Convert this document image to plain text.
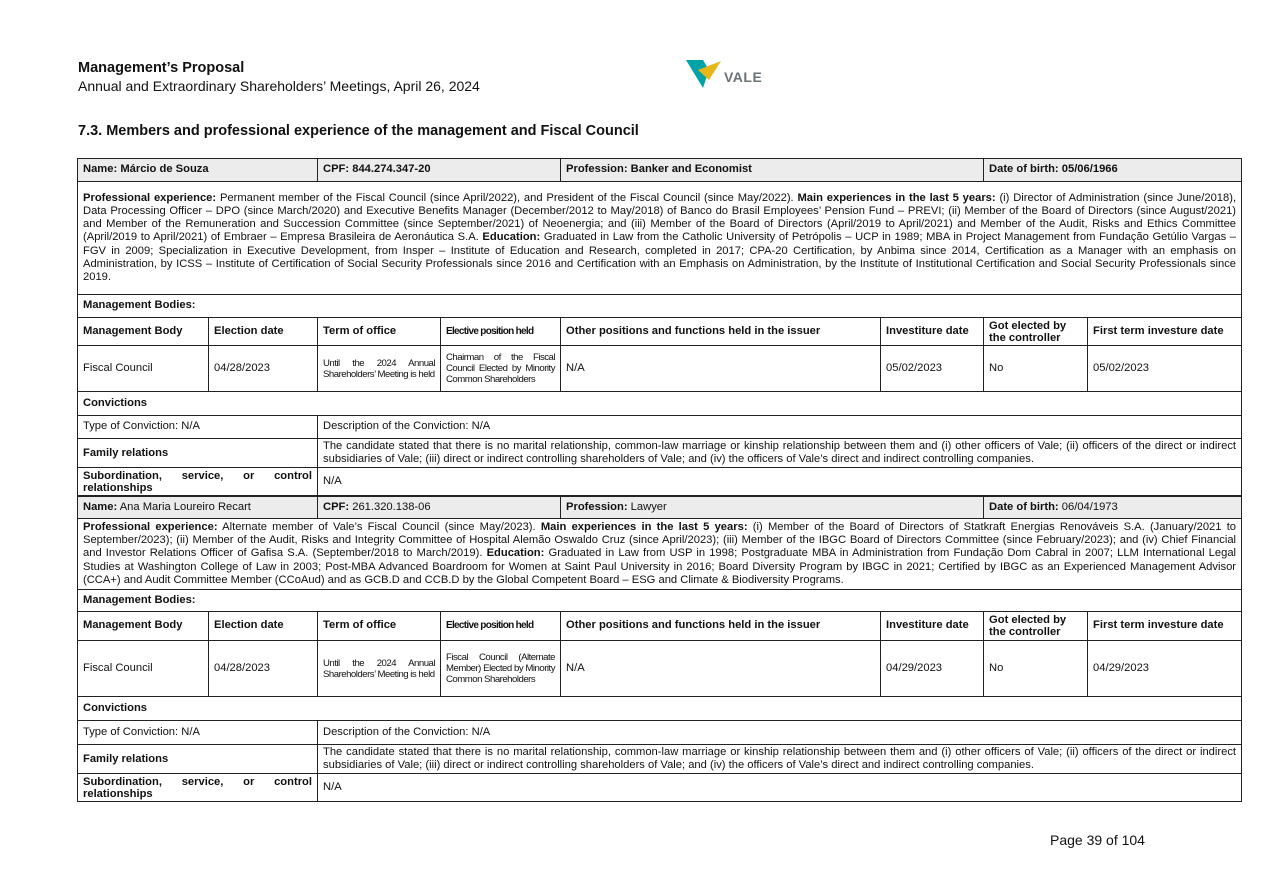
Management’s Proposal
Annual and Extraordinary Shareholders’ Meetings, April 26, 2024
VALE
7.3. Members and professional experience of the management and Fiscal Council
Name: Márcio de Souza		CPF: 844.274.347-20		Profession: Banker and Economist		Date of birth: 05/06/1966	
Professional experience: Permanent member of the Fiscal Council (since April/2022), and President of the Fiscal Council (since May/2022). Main experiences in the last 5 years: (i) Director of Administration (since June/2018), Data Processing Officer – DPO (since March/2020) and Executive Benefits Manager (December/2012 to May/2018) of Banco do Brasil Employees’ Pension Fund – PREVI; (ii) Member of the Board of Directors (since August/2021) and Member of the Remuneration and Succession Committee (since September/2021) of Neoenergia; and (iii) Member of the Board of Directors (April/2019 to April/2021) and Member of the Audit, Risks and Ethics Committee (April/2019 to April/2021) of Embraer – Empresa Brasileira de Aeronáutica S.A. Education: Graduated in Law from the Catholic University of Petrópolis – UCP in 1989; MBA in Project Management from Fundação Getúlio Vargas – FGV in 2009; Specialization in Executive Development, from Insper – Institute of Education and Research, completed in 2017; CPA-20 Certification, by Anbima since 2014, Certification as a Manager with an emphasis on Administration, by ICSS – Institute of Certification of Social Security Professionals since 2016 and Certification with an Emphasis on Administration, by the Institute of Institutional Certification and Social Security Professionals since 2019.							
Management Bodies:							
Management Body	Election date	Term of office	Elective position held	Other positions and functions held in the issuer	Investiture date	Got elected by the controller	First term investure date
Fiscal Council	04/28/2023	Until the 2024 Annual Shareholders’ Meeting is held	Chairman of the Fiscal Council Elected by Minority Common Shareholders	N/A	05/02/2023	No	05/02/2023
Convictions							
Type of Conviction: N/A		Description of the Conviction: N/A					
Family relations		The candidate stated that there is no marital relationship, common-law marriage or kinship relationship between them and (i) other officers of Vale; (ii) officers of the direct or indirect subsidiaries of Vale; (iii) direct or indirect controlling shareholders of Vale; and (iv) the officers of Vale’s direct and indirect controlling companies.					
Subordination, service, or control relationships		N/A					
Name: Ana Maria Loureiro Recart		CPF: 261.320.138-06		Profession: Lawyer		Date of birth: 06/04/1973	
Professional experience: Alternate member of Vale’s Fiscal Council (since May/2023). Main experiences in the last 5 years: (i) Member of the Board of Directors of Statkraft Energias Renováveis S.A. (January/2021 to September/2023); (ii) Member of the Audit, Risks and Integrity Committee of Hospital Alemão Oswaldo Cruz (since April/2023); (iii) Member of the IBGC Board of Directors Committee (since February/2023); and (iv) Chief Financial and Investor Relations Officer of Gafisa S.A. (September/2018 to March/2019). Education: Graduated in Law from USP in 1998; Postgraduate MBA in Administration from Fundação Dom Cabral in 2007; LLM International Legal Studies at Washington College of Law in 2003; Post-MBA Advanced Boardroom for Women at Saint Paul University in 2016; Board Diversity Program by IBGC in 2021; Certified by IBGC as an Experienced Management Advisor (CCA+) and Audit Committee Member (CCoAud) and as GCB.D and CCB.D by the Global Competent Board – ESG and Climate & Biodiversity Programs.							
Management Bodies:							
Management Body	Election date	Term of office	Elective position held	Other positions and functions held in the issuer	Investiture date	Got elected by the controller	First term investure date
Fiscal Council	04/28/2023	Until the 2024 Annual Shareholders’ Meeting is held	Fiscal Council (Alternate Member) Elected by Minority Common Shareholders	N/A	04/29/2023	No	04/29/2023
Convictions							
Type of Conviction: N/A		Description of the Conviction: N/A					
Family relations		The candidate stated that there is no marital relationship, common-law marriage or kinship relationship between them and (i) other officers of Vale; (ii) officers of the direct or indirect subsidiaries of Vale; (iii) direct or indirect controlling shareholders of Vale; and (iv) the officers of Vale’s direct and indirect controlling companies.					
Subordination, service, or control relationships		N/A					
Page 39 of 104
